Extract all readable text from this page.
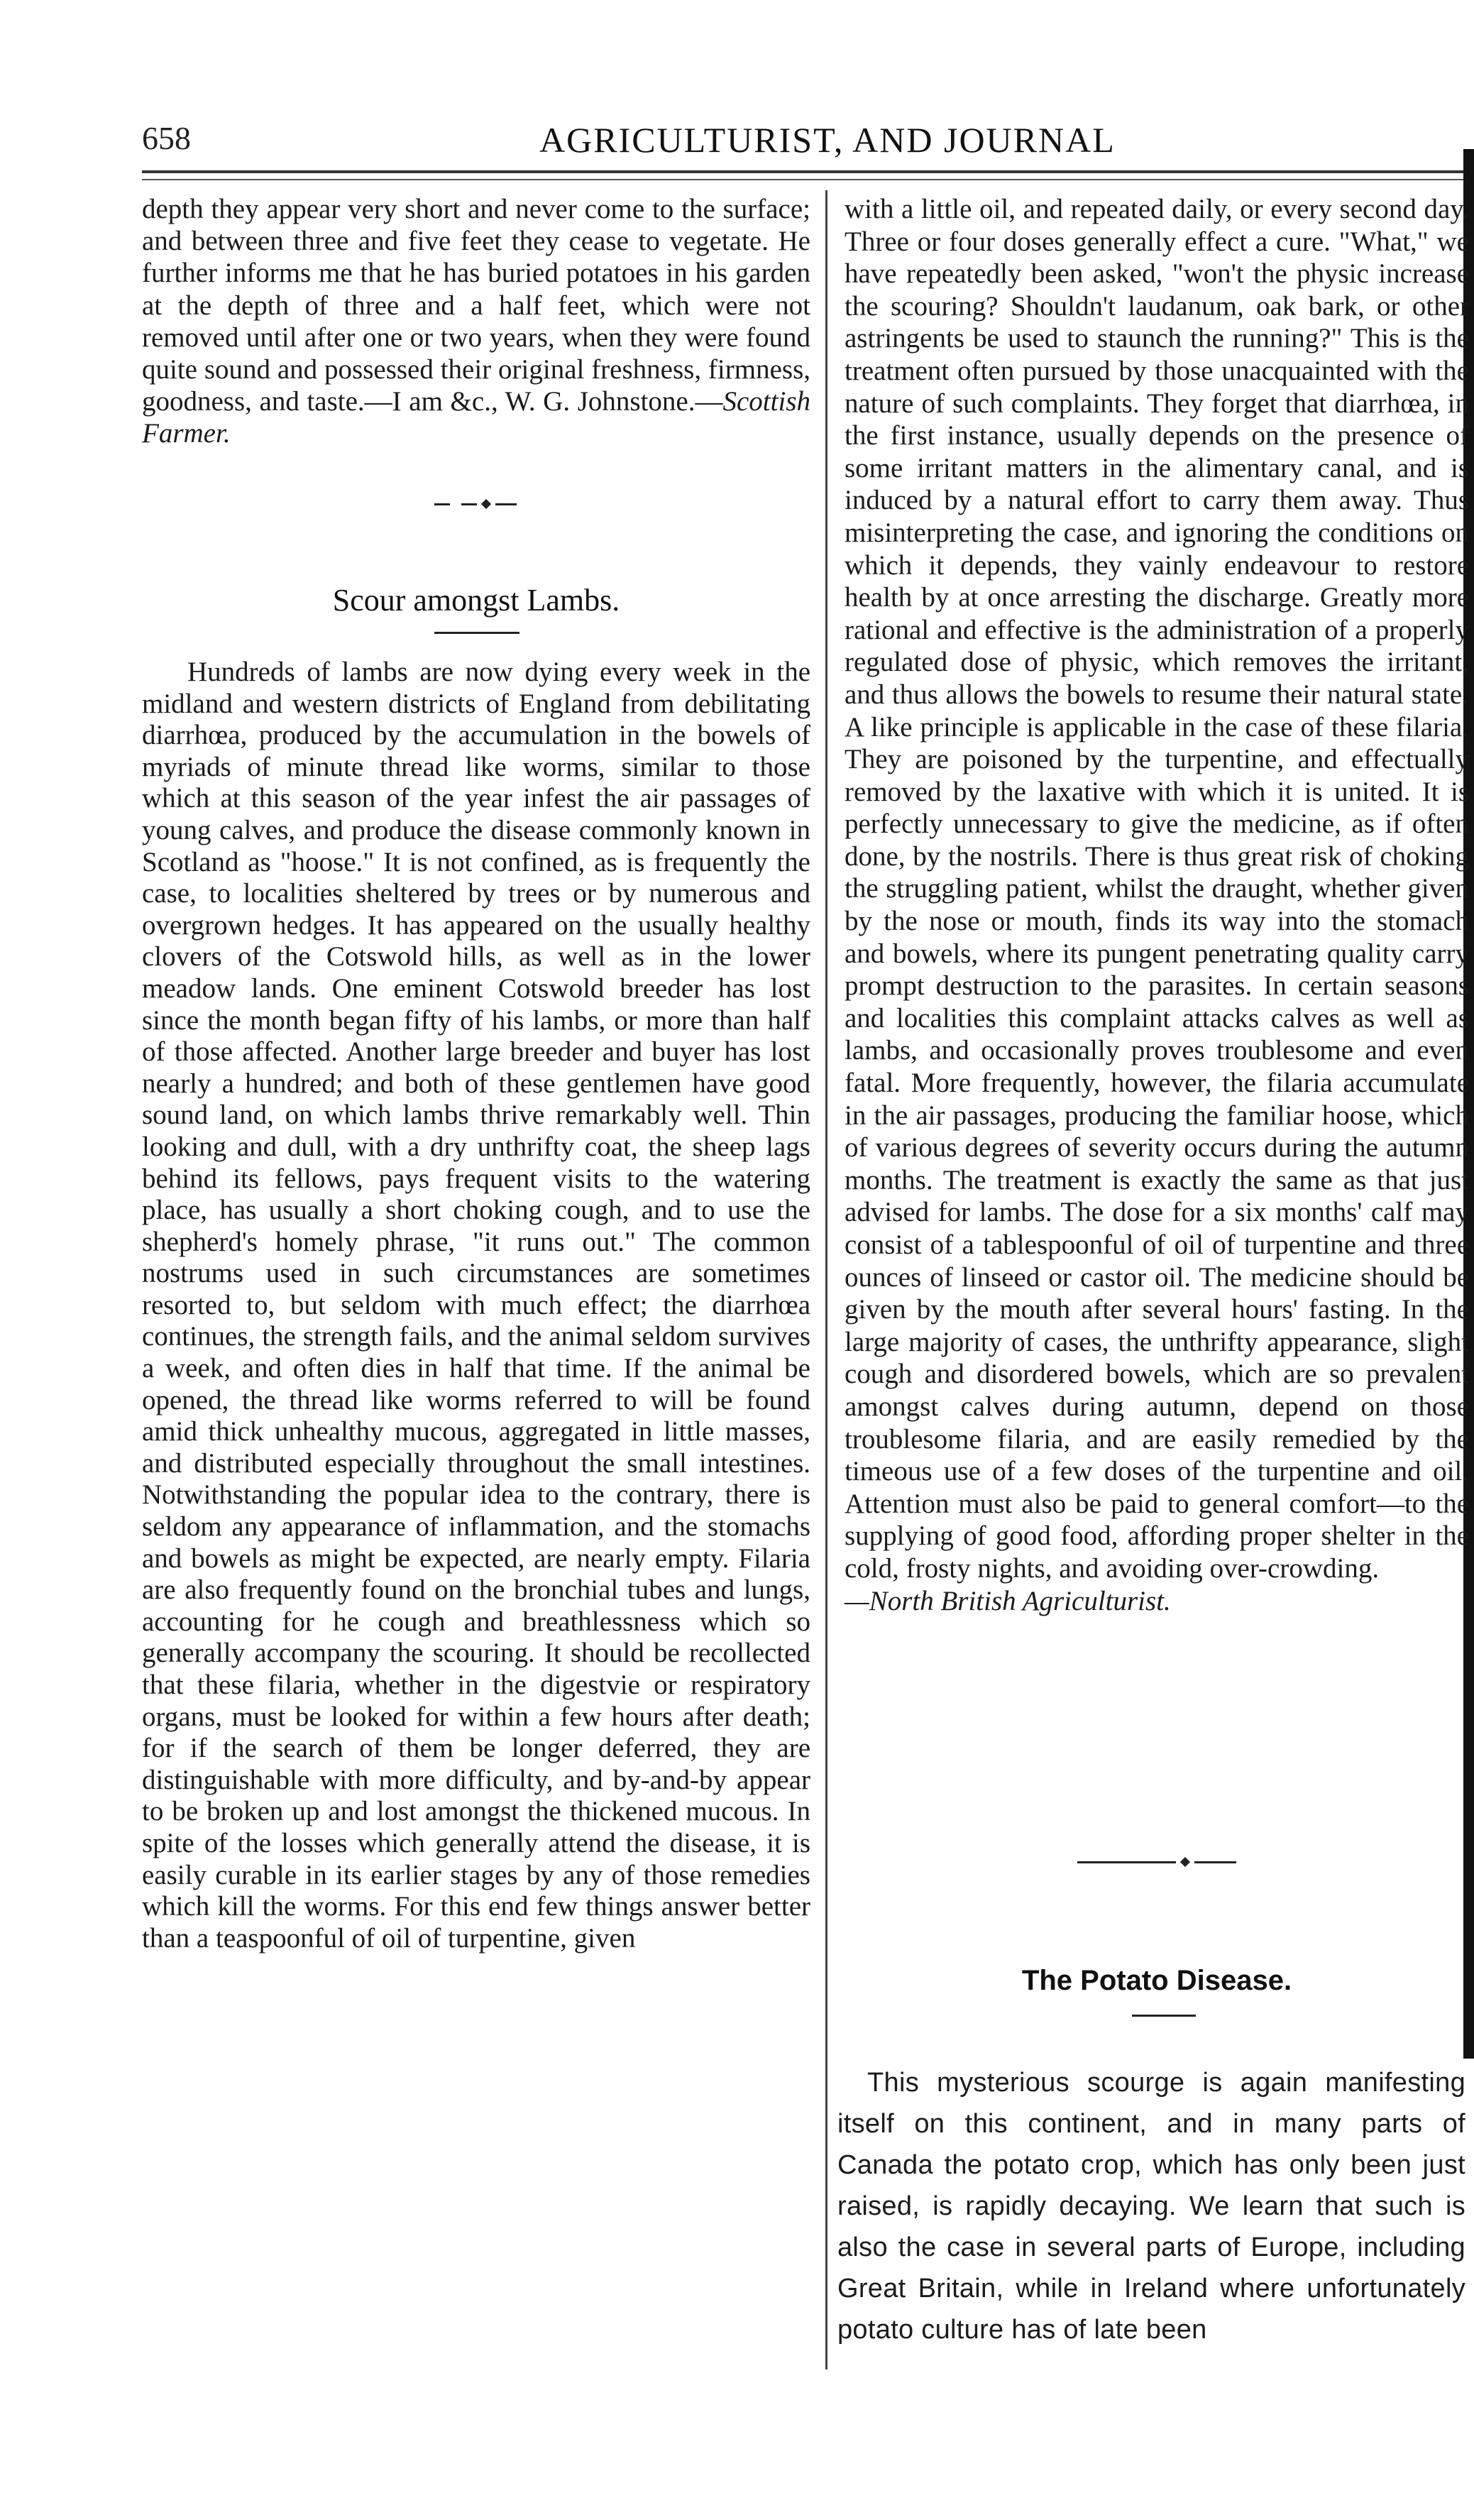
658	AGRICULTURIST, AND JOURNAL

depth they appear very short and never come to the surface; and between three and five feet they cease to vegetate. He further informs me that he has buried potatoes in his garden at the depth of three and a half feet, which were not removed until after one or two years, when they were found quite sound and possessed their original freshness, firmness, goodness, and taste.—I am &c., W. G. Johnstone.—Scottish Farmer.

Scour amongst Lambs.

Hundreds of lambs are now dying every week in the midland and western districts of England from debilitating diarrhœa, produced by the accumulation in the bowels of myriads of minute thread like worms, similar to those which at this season of the year infest the air passages of young calves, and produce the disease commonly known in Scotland as "hoose." It is not confined, as is frequently the case, to localities sheltered by trees or by numerous and overgrown hedges. It has appeared on the usually healthy clovers of the Cotswold hills, as well as in the lower meadow lands. One eminent Cotswold breeder has lost since the month began fifty of his lambs, or more than half of those affected. Another large breeder and buyer has lost nearly a hundred; and both of these gentlemen have good sound land, on which lambs thrive remarkably well. Thin looking and dull, with a dry unthrifty coat, the sheep lags behind its fellows, pays frequent visits to the watering place, has usually a short choking cough, and to use the shepherd's homely phrase, "it runs out." The common nostrums used in such circumstances are sometimes resorted to, but seldom with much effect; the diarrhœa continues, the strength fails, and the animal seldom survives a week, and often dies in half that time. If the animal be opened, the thread like worms referred to will be found amid thick unhealthy mucous, aggregated in little masses, and distributed especially throughout the small intestines. Notwithstanding the popular idea to the contrary, there is seldom any appearance of inflammation, and the stomachs and bowels as might be expected, are nearly empty. Filaria are also frequently found on the bronchial tubes and lungs, accounting for he cough and breathlessness which so generally accompany the scouring. It should be recollected that these filaria, whether in the digestvie or respiratory organs, must be looked for within a few hours after death; for if the search of them be longer deferred, they are distinguishable with more difficulty, and by-and-by appear to be broken up and lost amongst the thickened mucous. In spite of the losses which generally attend the disease, it is easily curable in its earlier stages by any of those remedies which kill the worms. For this end few things answer better than a teaspoonful of oil of turpentine, given

with a little oil, and repeated daily, or every second day. Three or four doses generally effect a cure. "What," we have repeatedly been asked, "won't the physic increase the scouring? Shouldn't laudanum, oak bark, or other astringents be used to staunch the running?" This is the treatment often pursued by those unacquainted with the nature of such complaints. They forget that diarrhœa, in the first instance, usually depends on the presence of some irritant matters in the alimentary canal, and is induced by a natural effort to carry them away. Thus misinterpreting the case, and ignoring the conditions on which it depends, they vainly endeavour to restore health by at once arresting the discharge. Greatly more rational and effective is the administration of a properly regulated dose of physic, which removes the irritant, and thus allows the bowels to resume their natural state. A like principle is applicable in the case of these filaria. They are poisoned by the turpentine, and effectually removed by the laxative with which it is united. It is perfectly unnecessary to give the medicine, as if often done, by the nostrils. There is thus great risk of choking the struggling patient, whilst the draught, whether given by the nose or mouth, finds its way into the stomach and bowels, where its pungent penetrating quality carry prompt destruction to the parasites. In certain seasons and localities this complaint attacks calves as well as lambs, and occasionally proves troublesome and even fatal. More frequently, however, the filaria accumulate in the air passages, producing the familiar hoose, which of various degrees of severity occurs during the autumn months. The treatment is exactly the same as that just advised for lambs. The dose for a six months' calf may consist of a tablespoonful of oil of turpentine and three ounces of linseed or castor oil. The medicine should be given by the mouth after several hours' fasting. In the large majority of cases, the unthrifty appearance, slight cough and disordered bowels, which are so prevalent amongst calves during autumn, depend on those troublesome filaria, and are easily remedied by the timeous use of a few doses of the turpentine and oil. Attention must also be paid to general comfort—to the supplying of good food, affording proper shelter in the cold, frosty nights, and avoiding over-crowding.

—North British Agriculturist.

The Potato Disease.

This mysterious scourge is again manifesting itself on this continent, and in many parts of Canada the potato crop, which has only been just raised, is rapidly decaying. We learn that such is also the case in several parts of Europe, including Great Britain, while in Ireland where unfortunately potato culture has of late been
